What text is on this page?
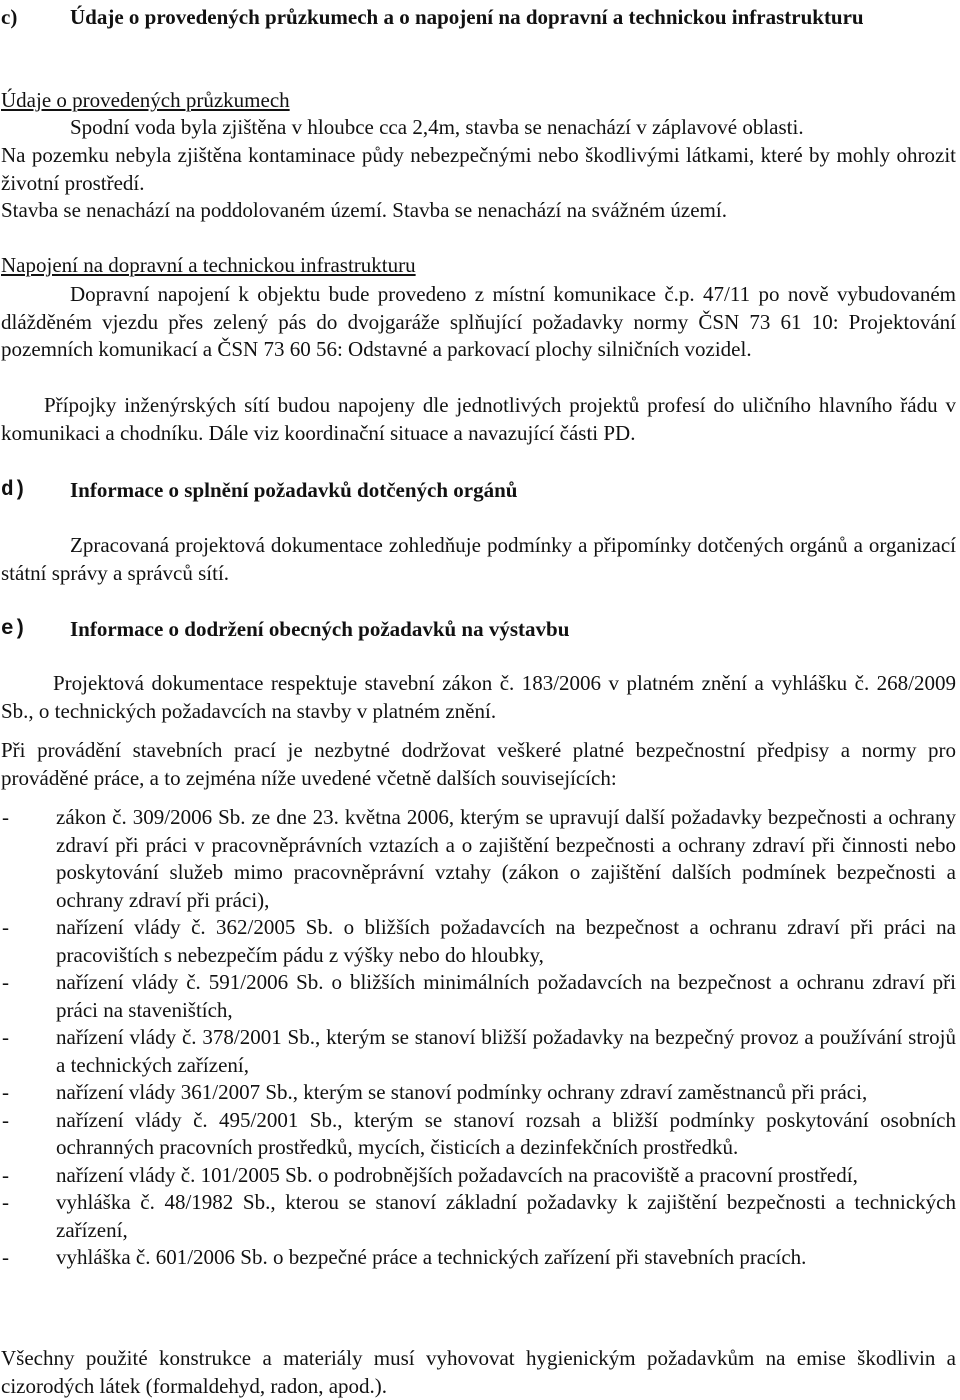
c)	Údaje o provedených průzkumech a o napojení na dopravní a technickou infrastrukturu
Údaje o provedených průzkumech
Spodní voda byla zjištěna v hloubce cca 2,4m, stavba se nenachází v záplavové oblasti.
Na pozemku nebyla zjištěna kontaminace půdy nebezpečnými nebo škodlivými látkami, které by mohly ohrozit životní prostředí.
Stavba se nenachází na poddolovaném území. Stavba se nenachází na svážném území.
Napojení na dopravní a technickou infrastrukturu
Dopravní napojení k objektu bude provedeno z místní komunikace č.p. 47/11 po nově vybudovaném dlážděném vjezdu přes zelený pás do dvojgaráže splňující požadavky normy ČSN 73 61 10: Projektování pozemních komunikací a ČSN 73 60 56: Odstavné a parkovací plochy silničních vozidel.
Přípojky inženýrských sítí budou napojeny dle jednotlivých projektů profesí do uličního hlavního řádu v komunikaci a chodníku. Dále viz koordinační situace a navazující části PD.
d) Informace o splnění požadavků dotčených orgánů
Zpracovaná projektová dokumentace zohledňuje podmínky a připomínky dotčených orgánů a organizací státní správy a správců sítí.
e) Informace o dodržení obecných požadavků na výstavbu
Projektová dokumentace respektuje stavební zákon č. 183/2006 v platném znění a vyhlášku č. 268/2009 Sb., o technických požadavcích na stavby v platném znění.
Při provádění stavebních prací je nezbytné dodržovat veškeré platné bezpečnostní předpisy a normy pro prováděné práce, a to zejména níže uvedené včetně dalších souvisejících:
- zákon č. 309/2006 Sb. ze dne 23. května 2006, kterým se upravují další požadavky bezpečnosti a ochrany zdraví při práci v pracovněprávních vztazích a o zajištění bezpečnosti a ochrany zdraví při činnosti nebo poskytování služeb mimo pracovněprávní vztahy (zákon o zajištění dalších podmínek bezpečnosti a ochrany zdraví při práci),
- nařízení vlády č. 362/2005 Sb. o bližších požadavcích na bezpečnost a ochranu zdraví při práci na pracovištích s nebezpečím pádu z výšky nebo do hloubky,
- nařízení vlády č. 591/2006 Sb. o bližších minimálních požadavcích na bezpečnost a ochranu zdraví při práci na staveništích,
- nařízení vlády č. 378/2001 Sb., kterým se stanoví bližší požadavky na bezpečný provoz a používání strojů a technických zařízení,
- nařízení vlády 361/2007 Sb., kterým se stanoví podmínky ochrany zdraví zaměstnanců při práci,
- nařízení vlády č. 495/2001 Sb., kterým se stanoví rozsah a bližší podmínky poskytování osobních ochranných pracovních prostředků, mycích, čisticích a dezinfekčních prostředků.
- nařízení vlády č. 101/2005 Sb. o podrobnějších požadavcích na pracoviště a pracovní prostředí,
- vyhláška č. 48/1982 Sb., kterou se stanoví základní požadavky k zajištění bezpečnosti a technických zařízení,
- vyhláška č. 601/2006 Sb. o bezpečné práce a technických zařízení při stavebních pracích.
Všechny použité konstrukce a materiály musí vyhovovat hygienickým požadavkům na emise škodlivin a cizorodých látek (formaldehyd, radon, apod.).
